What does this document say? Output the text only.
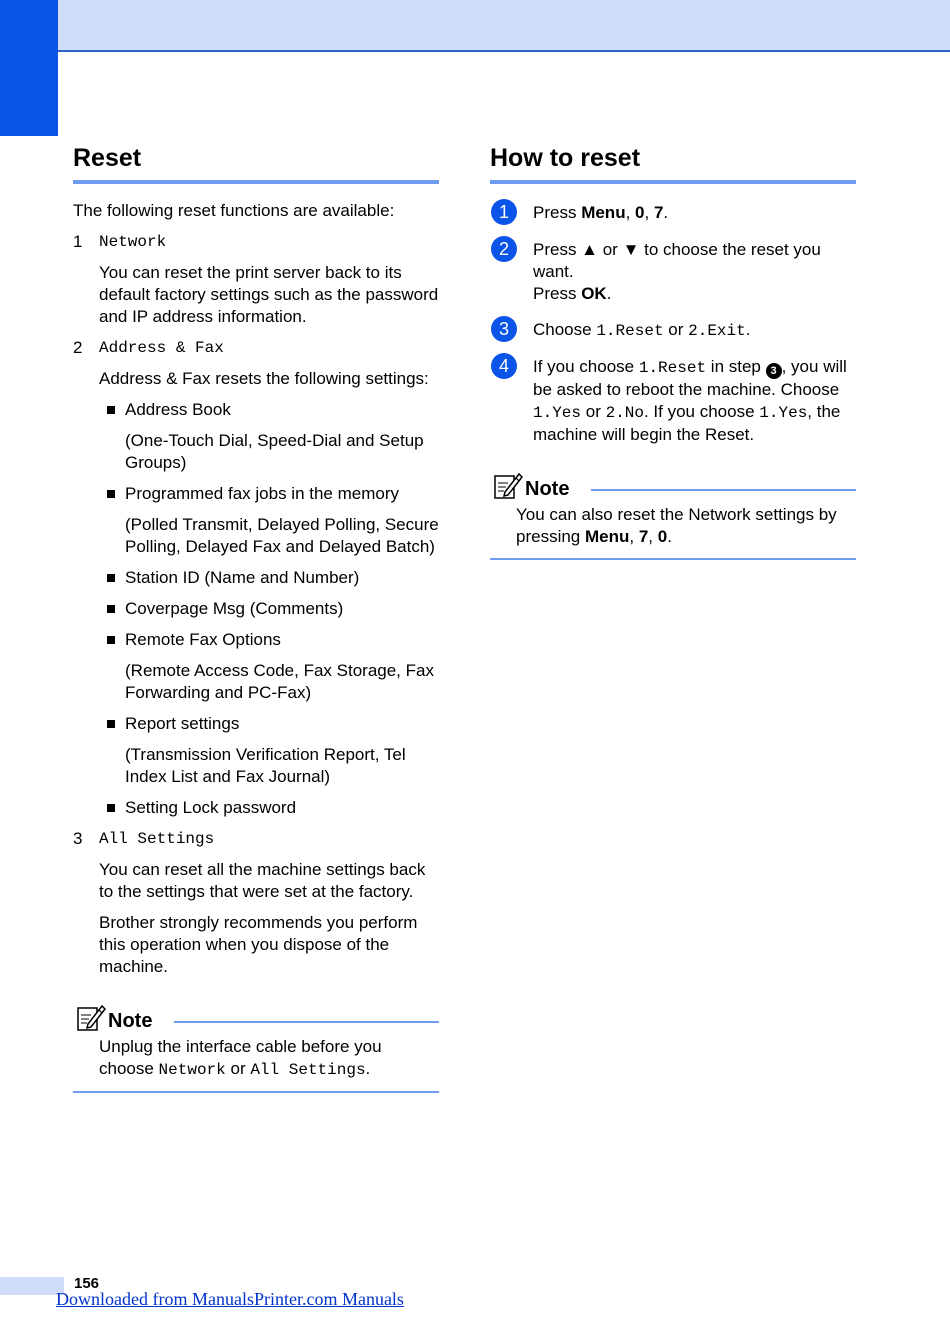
Reset

The following reset functions are available:

1	Network

You can reset the print server back to its default factory settings such as the password and IP address information.

2	Address & Fax

Address & Fax resets the following settings:

Address Book

(One-Touch Dial, Speed-Dial and Setup Groups)

Programmed fax jobs in the memory

(Polled Transmit, Delayed Polling, Secure Polling, Delayed Fax and Delayed Batch)

Station ID (Name and Number)
Coverpage Msg (Comments)
Remote Fax Options

(Remote Access Code, Fax Storage, Fax Forwarding and PC-Fax)

Report settings

(Transmission Verification Report, Tel Index List and Fax Journal)

Setting Lock password
3	All Settings

You can reset all the machine settings back to the settings that were set at the factory.

Brother strongly recommends you perform this operation when you dispose of the machine.

Note

Unplug the interface cable before you choose Network or All Settings.

How to reset
1	Press Menu, 0, 7.

2	Press ▲ or ▼ to choose the reset you want.

Press OK.

3	Choose 1.Reset or 2.Exit.

4	If you choose 1.Reset in step 3 , you will be asked to reboot the machine. Choose 1.Yes or 2.No. If you choose 1.Yes, the machine will begin the Reset.

Note

You can also reset the Network settings by pressing Menu, 7, 0.

156
Downloaded from ManualsPrinter.com Manuals
